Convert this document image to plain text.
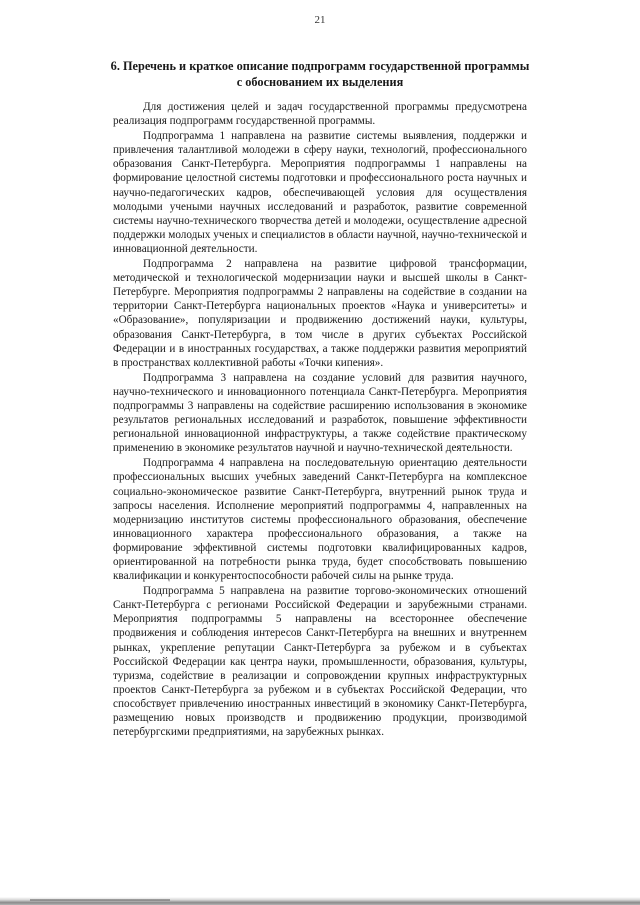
21
6. Перечень и краткое описание подпрограмм государственной программы
с обоснованием их выделения

Для достижения целей и задач государственной программы предусмотрена реализация подпрограмм государственной программы.

Подпрограмма 1 направлена на развитие системы выявления, поддержки и привлечения талантливой молодежи в сферу науки, технологий, профессионального образования Санкт-Петербурга. Мероприятия подпрограммы 1 направлены на формирование целостной системы подготовки и профессионального роста научных и научно-педагогических кадров, обеспечивающей условия для осуществления молодыми учеными научных исследований и разработок, развитие современной системы научно-технического творчества детей и молодежи, осуществление адресной поддержки молодых ученых и специалистов в области научной, научно-технической и инновационной деятельности.

Подпрограмма 2 направлена на развитие цифровой трансформации, методической и технологической модернизации науки и высшей школы в Санкт-Петербурге. Мероприятия подпрограммы 2 направлены на содействие в создании на территории Санкт-Петербурга национальных проектов «Наука и университеты» и «Образование», популяризации и продвижению достижений науки, культуры, образования Санкт-Петербурга, в том числе в других субъектах Российской Федерации и в иностранных государствах, а также поддержки развития мероприятий в пространствах коллективной работы «Точки кипения».

Подпрограмма 3 направлена на создание условий для развития научного, научно-технического и инновационного потенциала Санкт-Петербурга. Мероприятия подпрограммы 3 направлены на содействие расширению использования в экономике результатов региональных исследований и разработок, повышение эффективности региональной инновационной инфраструктуры, а также содействие практическому применению в экономике результатов научной и научно-технической деятельности.

Подпрограмма 4 направлена на последовательную ориентацию деятельности профессиональных высших учебных заведений Санкт-Петербурга на комплексное социально-экономическое развитие Санкт-Петербурга, внутренний рынок труда и запросы населения. Исполнение мероприятий подпрограммы 4, направленных на модернизацию институтов системы профессионального образования, обеспечение инновационного характера профессионального образования, а также на формирование эффективной системы подготовки квалифицированных кадров, ориентированной на потребности рынка труда, будет способствовать повышению квалификации и конкурентоспособности рабочей силы на рынке труда.

Подпрограмма 5 направлена на развитие торгово-экономических отношений Санкт-Петербурга с регионами Российской Федерации и зарубежными странами. Мероприятия подпрограммы 5 направлены на всестороннее обеспечение продвижения и соблюдения интересов Санкт-Петербурга на внешних и внутреннем рынках, укрепление репутации Санкт-Петербурга за рубежом и в субъектах Российской Федерации как центра науки, промышленности, образования, культуры, туризма, содействие в реализации и сопровождении крупных инфраструктурных проектов Санкт-Петербурга за рубежом и в субъектах Российской Федерации, что способствует привлечению иностранных инвестиций в экономику Санкт-Петербурга, размещению новых производств и продвижению продукции, производимой петербургскими предприятиями, на зарубежных рынках.
